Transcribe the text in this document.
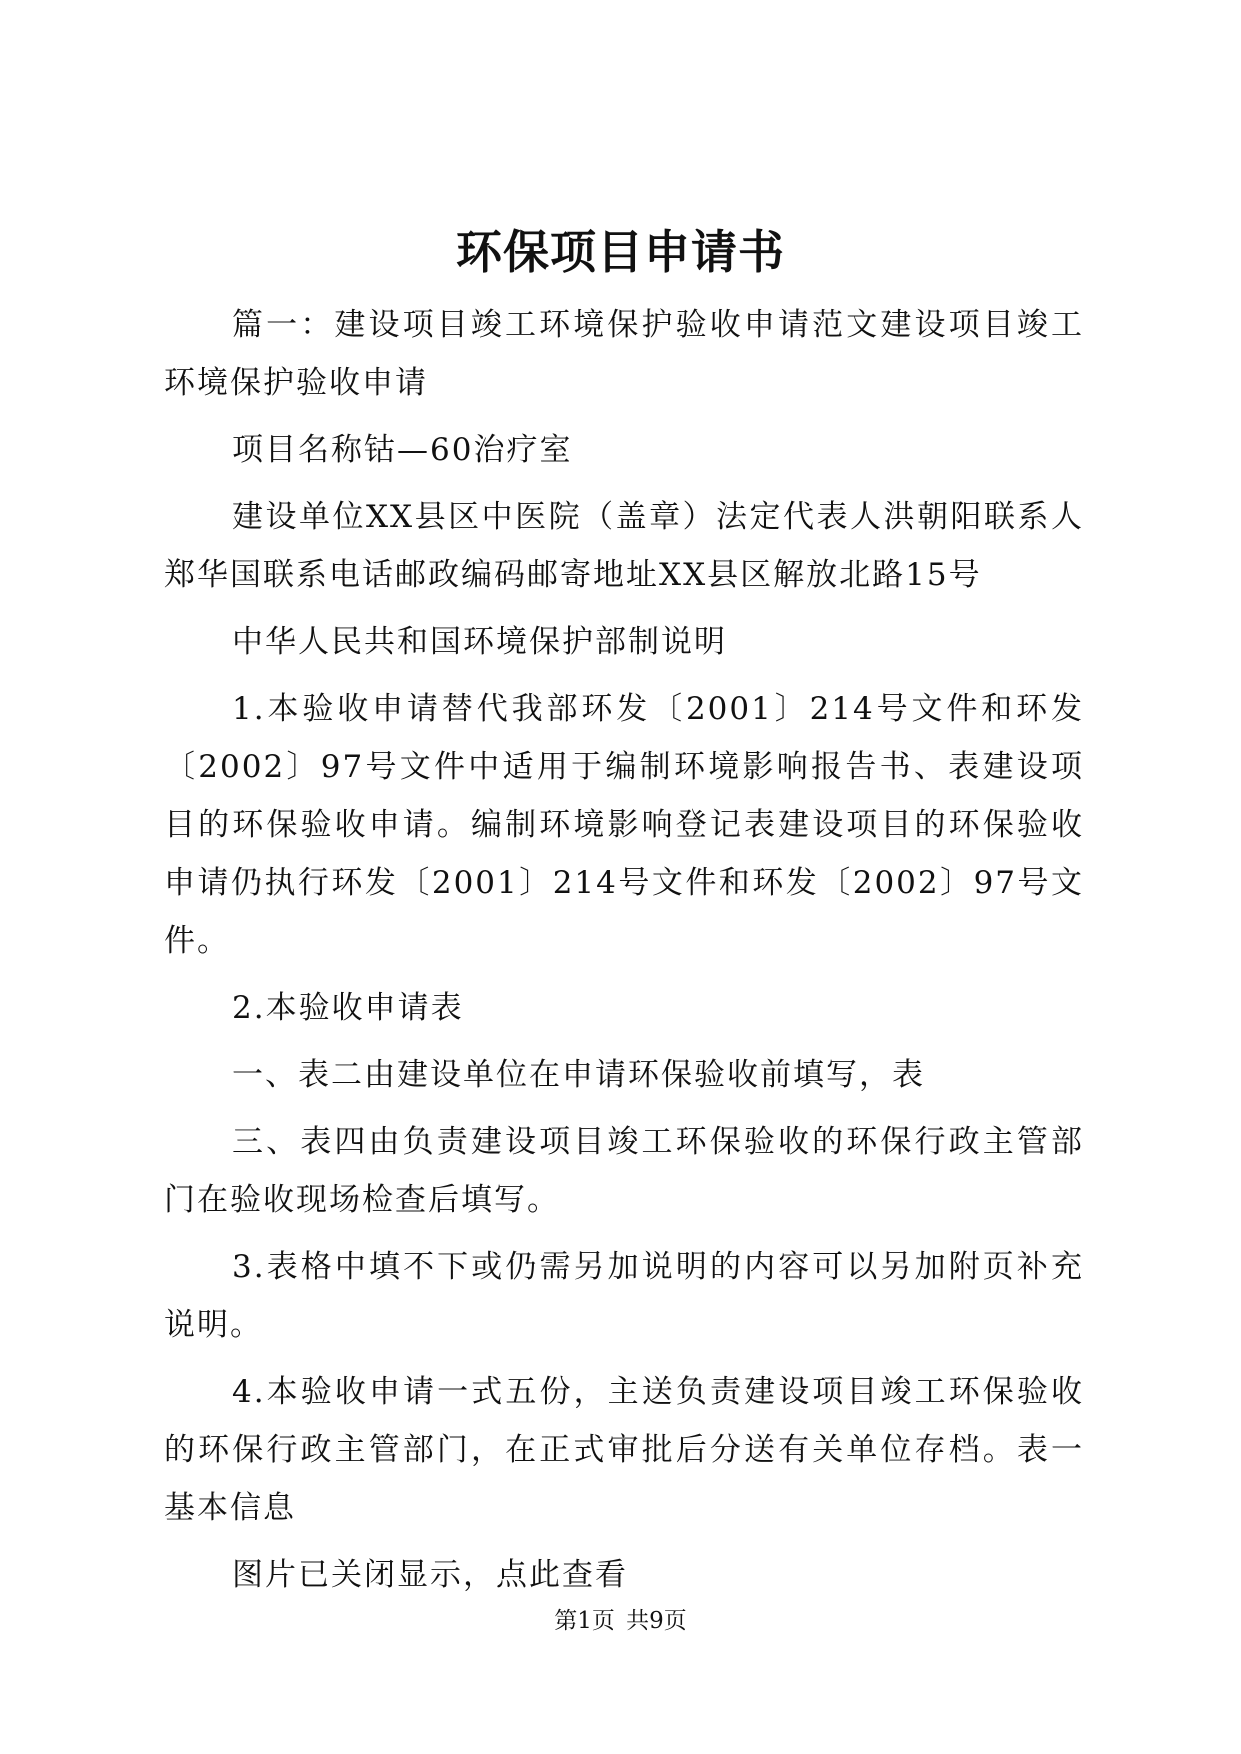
环保项目申请书

篇一：建设项目竣工环境保护验收申请范文建设项目竣工环境保护验收申请

项目名称钴—60治疗室

建设单位XX县区中医院（盖章）法定代表人洪朝阳联系人郑华国联系电话邮政编码邮寄地址XX县区解放北路15号

中华人民共和国环境保护部制说明

1.本验收申请替代我部环发〔2001〕214号文件和环发〔2002〕97号文件中适用于编制环境影响报告书、表建设项目的环保验收申请。编制环境影响登记表建设项目的环保验收申请仍执行环发〔2001〕214号文件和环发〔2002〕97号文件。

2.本验收申请表

一、表二由建设单位在申请环保验收前填写，表

三、表四由负责建设项目竣工环保验收的环保行政主管部门在验收现场检查后填写。

3.表格中填不下或仍需另加说明的内容可以另加附页补充说明。

4.本验收申请一式五份，主送负责建设项目竣工环保验收的环保行政主管部门，在正式审批后分送有关单位存档。表一基本信息

图片已关闭显示，点此查看

第1页 共9页
